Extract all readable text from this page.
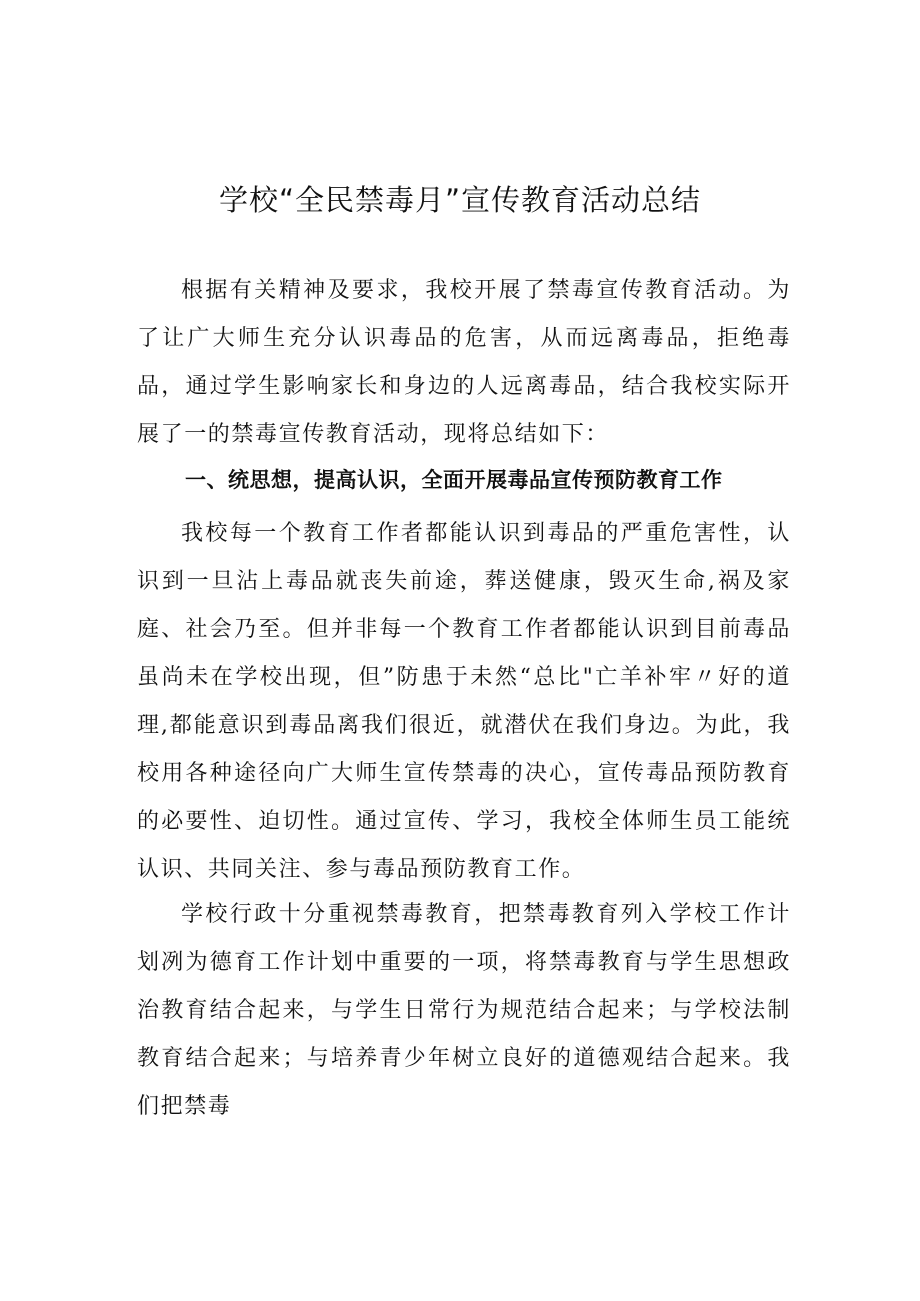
学校“全民禁毒月”宣传教育活动总结

根据有关精神及要求，我校开展了禁毒宣传教育活动。为了让广大师生充分认识毒品的危害，从而远离毒品，拒绝毒品，通过学生影响家长和身边的人远离毒品，结合我校实际开展了一的禁毒宣传教育活动，现将总结如下：

一、统思想，提高认识，全面开展毒品宣传预防教育工作

我校每一个教育工作者都能认识到毒品的严重危害性，认识到一旦沾上毒品就丧失前途，葬送健康，毁灭生命,祸及家庭、社会乃至。但并非每一个教育工作者都能认识到目前毒品虽尚未在学校出现，但”防患于未然“总比"亡羊补牢〃好的道理,都能意识到毒品离我们很近，就潜伏在我们身边。为此，我校用各种途径向广大师生宣传禁毒的决心，宣传毒品预防教育的必要性、迫切性。通过宣传、学习，我校全体师生员工能统认识、共同关注、参与毒品预防教育工作。

学校行政十分重视禁毒教育，把禁毒教育列入学校工作计划冽为德育工作计划中重要的一项，将禁毒教育与学生思想政治教育结合起来，与学生日常行为规范结合起来；与学校法制教育结合起来；与培养青少年树立良好的道德观结合起来。我们把禁毒
